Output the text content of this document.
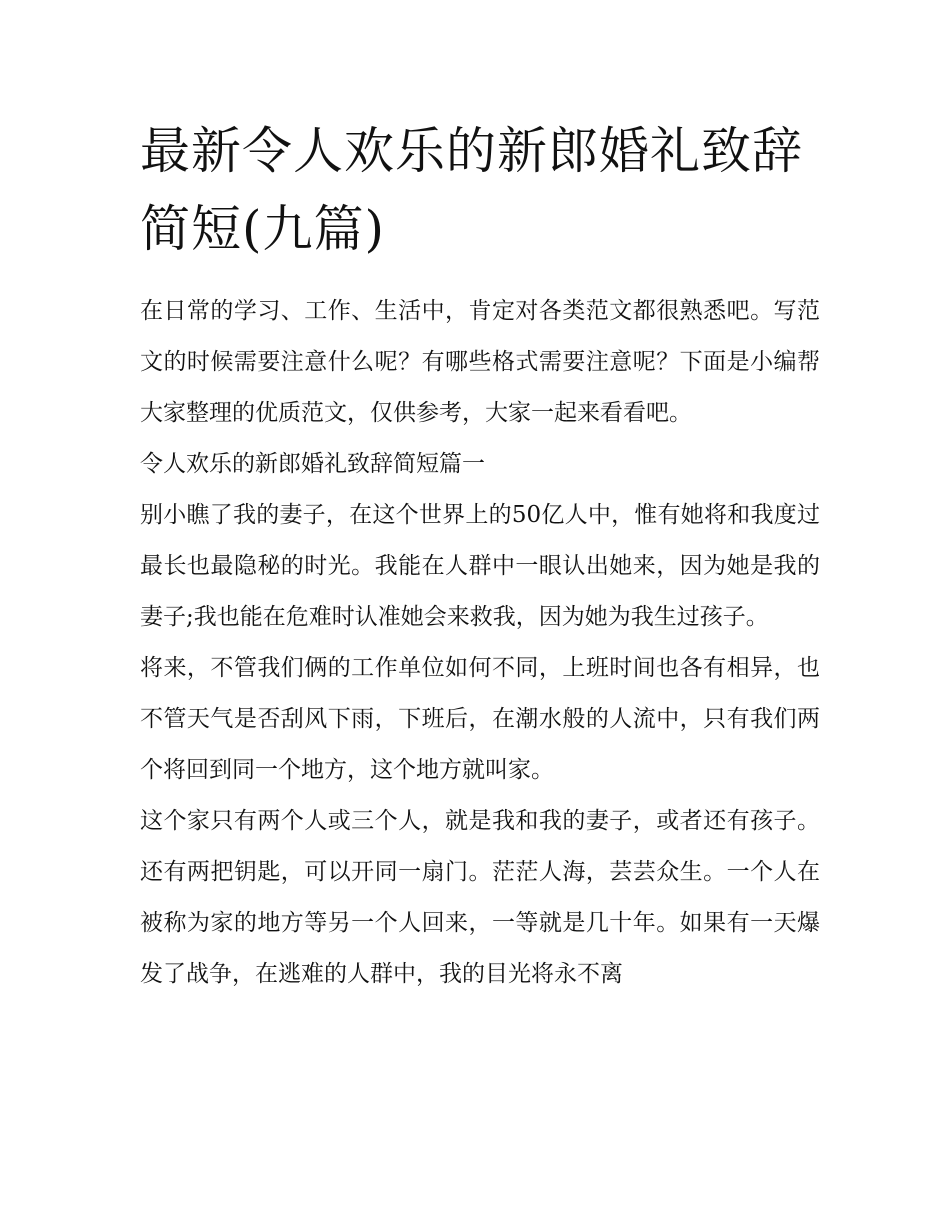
最新令人欢乐的新郎婚礼致辞简短(九篇)

在日常的学习、工作、生活中，肯定对各类范文都很熟悉吧。写范文的时候需要注意什么呢？有哪些格式需要注意呢？下面是小编帮大家整理的优质范文，仅供参考，大家一起来看看吧。

令人欢乐的新郎婚礼致辞简短篇一

别小瞧了我的妻子，在这个世界上的50亿人中，惟有她将和我度过最长也最隐秘的时光。我能在人群中一眼认出她来，因为她是我的妻子;我也能在危难时认准她会来救我，因为她为我生过孩子。

将来，不管我们俩的工作单位如何不同，上班时间也各有相异，也不管天气是否刮风下雨，下班后，在潮水般的人流中，只有我们两个将回到同一个地方，这个地方就叫家。

这个家只有两个人或三个人，就是我和我的妻子，或者还有孩子。还有两把钥匙，可以开同一扇门。茫茫人海，芸芸众生。一个人在被称为家的地方等另一个人回来，一等就是几十年。如果有一天爆发了战争，在逃难的人群中，我的目光将永不离
